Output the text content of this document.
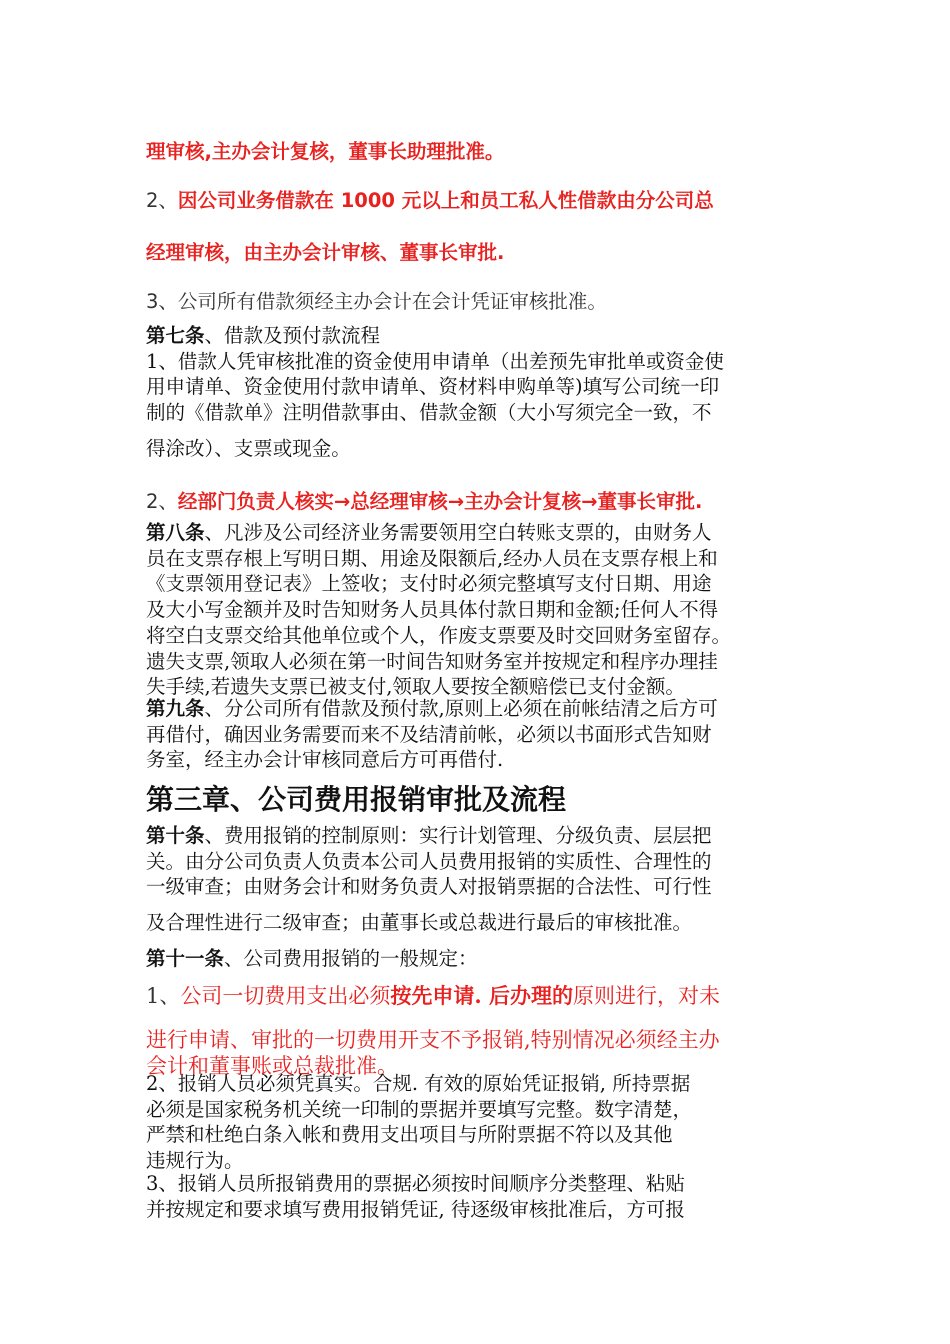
理审核,主办会计复核，董事长助理批准。

2、因公司业务借款在 1000 元以上和员工私人性借款由分公司总
经理审核，由主办会计审核、董事长审批.

3、公司所有借款须经主办会计在会计凭证审核批准。

第七条、借款及预付款流程
1、借款人凭审核批准的资金使用申请单（出差预先审批单或资金使
用申请单、资金使用付款申请单、资材料申购单等)填写公司统一印
制的《借款单》注明借款事由、借款金额（大小写须完全一致，不
得涂改）、支票或现金。
2、经部门负责人核实→总经理审核→主办会计复核→董事长审批.
第八条、凡涉及公司经济业务需要领用空白转账支票的，由财务人
员在支票存根上写明日期、用途及限额后,经办人员在支票存根上和
《支票领用登记表》上签收；支付时必须完整填写支付日期、用途
及大小写金额并及时告知财务人员具体付款日期和金额;任何人不得
将空白支票交给其他单位或个人，作废支票要及时交回财务室留存。
遗失支票,领取人必须在第一时间告知财务室并按规定和程序办理挂
失手续,若遗失支票已被支付,领取人要按全额赔偿已支付金额。
第九条、分公司所有借款及预付款,原则上必须在前帐结清之后方可
再借付，确因业务需要而来不及结清前帐，必须以书面形式告知财
务室，经主办会计审核同意后方可再借付.
第三章、公司费用报销审批及流程
第十条、费用报销的控制原则：实行计划管理、分级负责、层层把
关。由分公司负责人负责本公司人员费用报销的实质性、合理性的
一级审查；由财务会计和财务负责人对报销票据的合法性、可行性
及合理性进行二级审查；由董事长或总裁进行最后的审核批准。
第十一条、公司费用报销的一般规定：
1、公司一切费用支出必须按先申请. 后办理的原则进行，对未
进行申请、审批的一切费用开支不予报销,特别情况必须经主办
会计和董事账或总裁批准。
2、报销人员必须凭真实。合规. 有效的原始凭证报销, 所持票据
必须是国家税务机关统一印制的票据并要填写完整。数字清楚，
严禁和杜绝白条入帐和费用支出项目与所附票据不符以及其他
违规行为。
3、报销人员所报销费用的票据必须按时间顺序分类整理、粘贴
并按规定和要求填写费用报销凭证, 待逐级审核批准后，方可报
